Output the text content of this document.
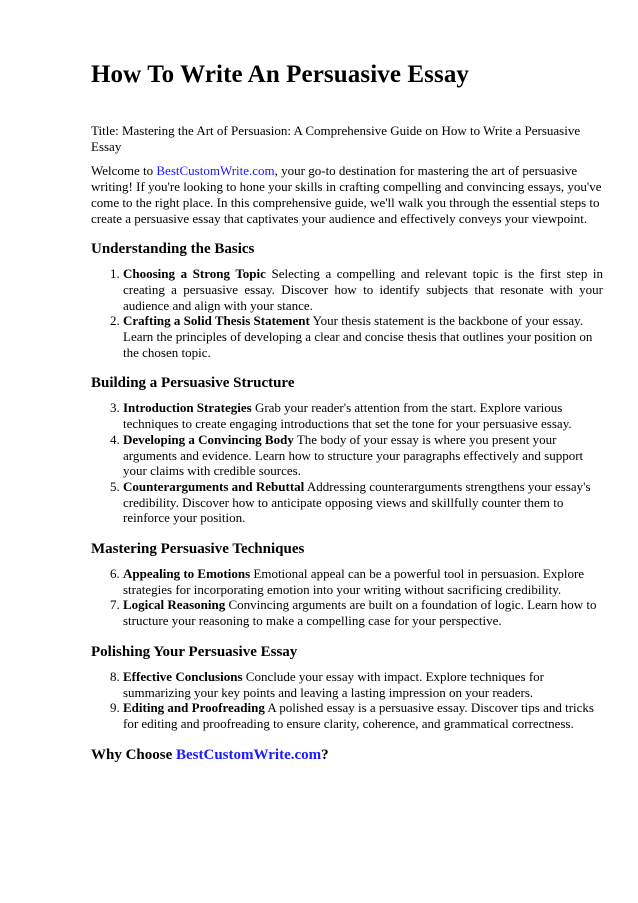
How To Write An Persuasive Essay

Title: Mastering the Art of Persuasion: A Comprehensive Guide on How to Write a Persuasive Essay

Welcome to BestCustomWrite.com, your go-to destination for mastering the art of persuasive writing! If you're looking to hone your skills in crafting compelling and convincing essays, you've come to the right place. In this comprehensive guide, we'll walk you through the essential steps to create a persuasive essay that captivates your audience and effectively conveys your viewpoint.

Understanding the Basics
1. Choosing a Strong Topic Selecting a compelling and relevant topic is the first step in creating a persuasive essay. Discover how to identify subjects that resonate with your audience and align with your stance.
2. Crafting a Solid Thesis Statement Your thesis statement is the backbone of your essay. Learn the principles of developing a clear and concise thesis that outlines your position on the chosen topic.
Building a Persuasive Structure
3. Introduction Strategies Grab your reader's attention from the start. Explore various techniques to create engaging introductions that set the tone for your persuasive essay.
4. Developing a Convincing Body The body of your essay is where you present your arguments and evidence. Learn how to structure your paragraphs effectively and support your claims with credible sources.
5. Counterarguments and Rebuttal Addressing counterarguments strengthens your essay's credibility. Discover how to anticipate opposing views and skillfully counter them to reinforce your position.
Mastering Persuasive Techniques
6. Appealing to Emotions Emotional appeal can be a powerful tool in persuasion. Explore strategies for incorporating emotion into your writing without sacrificing credibility.
7. Logical Reasoning Convincing arguments are built on a foundation of logic. Learn how to structure your reasoning to make a compelling case for your perspective.
Polishing Your Persuasive Essay
8. Effective Conclusions Conclude your essay with impact. Explore techniques for summarizing your key points and leaving a lasting impression on your readers.
9. Editing and Proofreading A polished essay is a persuasive essay. Discover tips and tricks for editing and proofreading to ensure clarity, coherence, and grammatical correctness.
Why Choose BestCustomWrite.com?
